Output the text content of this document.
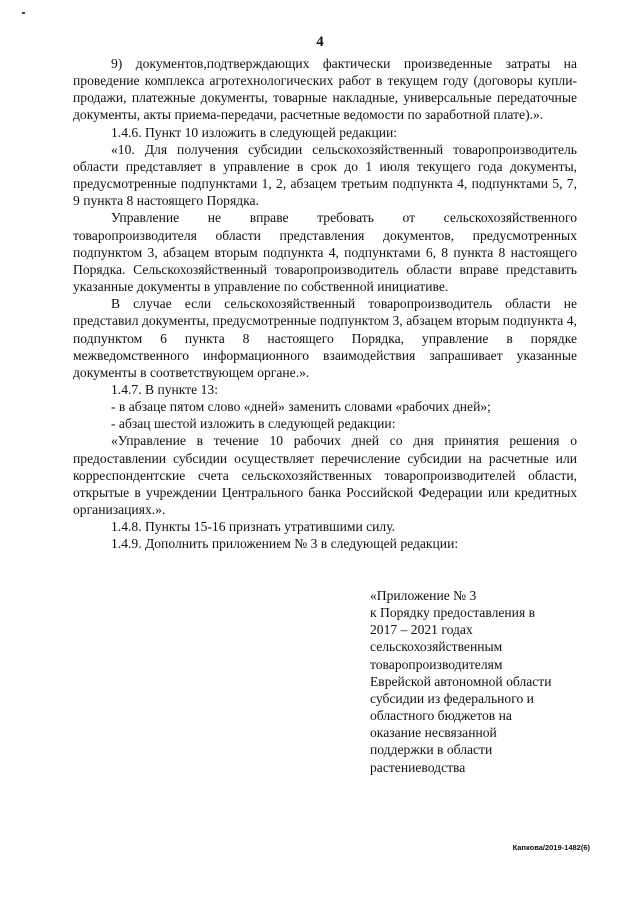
4

9) документов,подтверждающих фактически произведенные затраты на проведение комплекса агротехнологических работ в текущем году (договоры купли-продажи, платежные документы, товарные накладные, универсальные передаточные документы, акты приема-передачи, расчетные ведомости по заработной плате).».

1.4.6. Пункт 10 изложить в следующей редакции:

«10. Для получения субсидии сельскохозяйственный товаропроизводитель области представляет в управление в срок до 1 июля текущего года документы, предусмотренные подпунктами 1, 2, абзацем третьим подпункта 4, подпунктами 5, 7, 9 пункта 8 настоящего Порядка.

Управление не вправе требовать от сельскохозяйственного товаропроизводителя области представления документов, предусмотренных подпунктом 3, абзацем вторым подпункта 4, подпунктами 6, 8 пункта 8 настоящего Порядка. Сельскохозяйственный товаропроизводитель области вправе представить указанные документы в управление по собственной инициативе.

В случае если сельскохозяйственный товаропроизводитель области не представил документы, предусмотренные подпунктом 3, абзацем вторым подпункта 4, подпунктом 6 пункта 8 настоящего Порядка, управление в порядке межведомственного информационного взаимодействия запрашивает указанные документы в соответствующем органе.».

1.4.7. В пункте 13:

- в абзаце пятом слово «дней» заменить словами «рабочих дней»;

- абзац шестой изложить в следующей редакции:

«Управление в течение 10 рабочих дней со дня принятия решения о предоставлении субсидии осуществляет перечисление субсидии на расчетные или корреспондентские счета сельскохозяйственных товаропроизводителей области, открытые в учреждении Центрального банка Российской Федерации или кредитных организациях.».

1.4.8. Пункты 15-16 признать утратившими силу.

1.4.9. Дополнить приложением № 3 в следующей редакции:

«Приложение № 3
к Порядку предоставления в
2017 – 2021 годах
сельскохозяйственным
товаропроизводителям
Еврейской автономной области
субсидии из федерального и
областного бюджетов на
оказание несвязанной
поддержки в области
растениеводства
Капкова/2019-1482(6)
